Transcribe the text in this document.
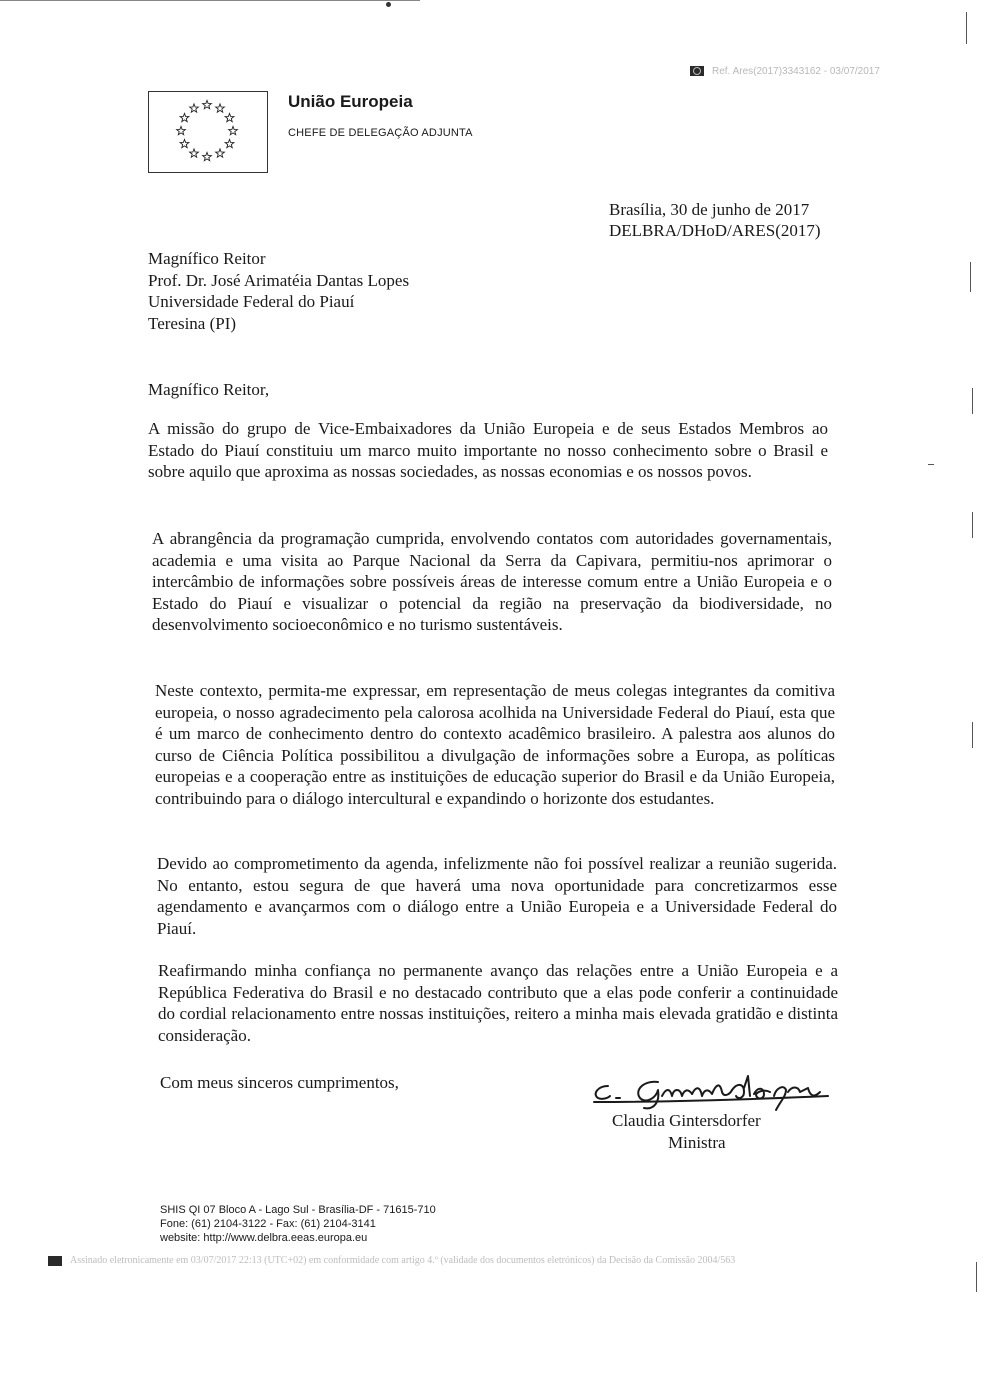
Ref. Ares(2017)3343162 - 03/07/2017
União Europeia
CHEFE DE DELEGAÇÃO ADJUNTA
Brasília, 30 de junho de 2017
DELBRA/DHoD/ARES(2017)
Magnífico Reitor
Prof. Dr. José Arimatéia Dantas Lopes
Universidade Federal do Piauí
Teresina (PI)
Magnífico Reitor,
A missão do grupo de Vice-Embaixadores da União Europeia e de seus Estados Membros ao Estado do Piauí constituiu um marco muito importante no nosso conhecimento sobre o Brasil e sobre aquilo que aproxima as nossas sociedades, as nossas economias e os nossos povos.
A abrangência da programação cumprida, envolvendo contatos com autoridades governamentais, academia e uma visita ao Parque Nacional da Serra da Capivara, permitiu-nos aprimorar o intercâmbio de informações sobre possíveis áreas de interesse comum entre a União Europeia e o Estado do Piauí e visualizar o potencial da região na preservação da biodiversidade, no desenvolvimento socioeconômico e no turismo sustentáveis.
Neste contexto, permita-me expressar, em representação de meus colegas integrantes da comitiva europeia, o nosso agradecimento pela calorosa acolhida na Universidade Federal do Piauí, esta que é um marco de conhecimento dentro do contexto acadêmico brasileiro. A palestra aos alunos do curso de Ciência Política possibilitou a divulgação de informações sobre a Europa, as políticas europeias e a cooperação entre as instituições de educação superior do Brasil e da União Europeia, contribuindo para o diálogo intercultural e expandindo o horizonte dos estudantes.
Devido ao comprometimento da agenda, infelizmente não foi possível realizar a reunião sugerida. No entanto, estou segura de que haverá uma nova oportunidade para concretizarmos esse agendamento e avançarmos com o diálogo entre a União Europeia e a Universidade Federal do Piauí.
Reafirmando minha confiança no permanente avanço das relações entre a União Europeia e a República Federativa do Brasil e no destacado contributo que a elas pode conferir a continuidade do cordial relacionamento entre nossas instituições, reitero a minha mais elevada gratidão e distinta consideração.
Com meus sinceros cumprimentos,
Claudia Gintersdorfer
Ministra
SHIS QI 07 Bloco A - Lago Sul - Brasília-DF - 71615-710
Fone: (61) 2104-3122 - Fax: (61) 2104-3141
website: http://www.delbra.eeas.europa.eu
Assinado eletronicamente em 03/07/2017 22:13 (UTC+02) em conformidade com artigo 4.º (validade dos documentos eletrónicos) da Decisão da Comissão 2004/563
